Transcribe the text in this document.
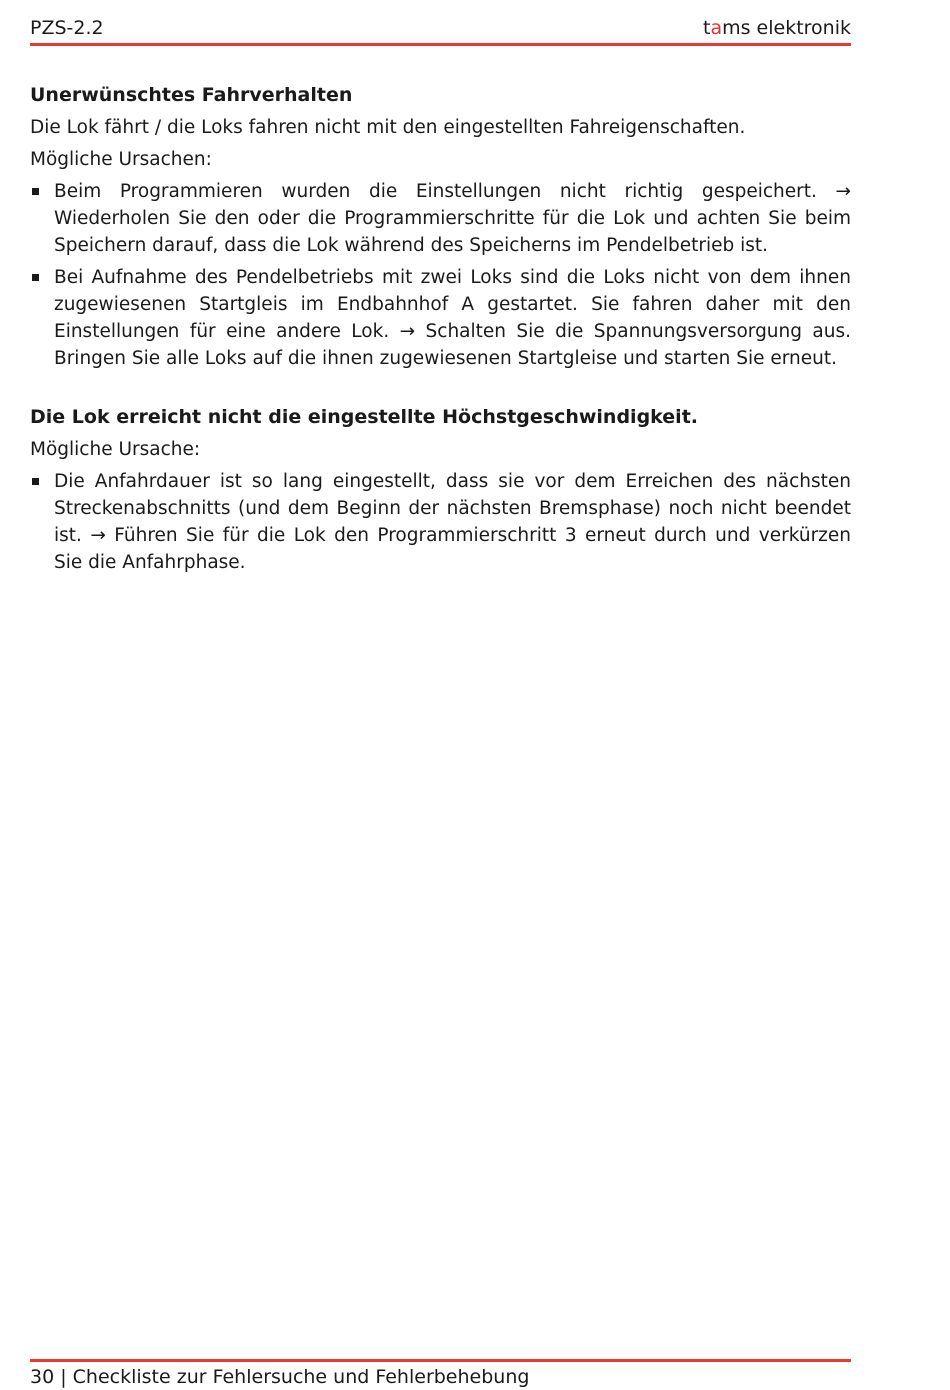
PZS-2.2	tams elektronik
Unerwünschtes Fahrverhalten

Die Lok fährt / die Loks fahren nicht mit den eingestellten Fahreigenschaften.

Mögliche Ursachen:

Beim Programmieren wurden die Einstellungen nicht richtig gespeichert. → Wiederholen Sie den oder die Programmierschritte für die Lok und achten Sie beim Speichern darauf, dass die Lok während des Speicherns im Pendelbetrieb ist.
Bei Aufnahme des Pendelbetriebs mit zwei Loks sind die Loks nicht von dem ihnen zugewiesenen Startgleis im Endbahnhof A gestartet. Sie fahren daher mit den Einstellungen für eine andere Lok. → Schalten Sie die Spannungsversorgung aus. Bringen Sie alle Loks auf die ihnen zugewiesenen Startgleise und starten Sie erneut.
Die Lok erreicht nicht die eingestellte Höchstgeschwindigkeit.

Mögliche Ursache:

Die Anfahrdauer ist so lang eingestellt, dass sie vor dem Erreichen des nächsten Streckenabschnitts (und dem Beginn der nächsten Bremsphase) noch nicht beendet ist. → Führen Sie für die Lok den Programmierschritt 3 erneut durch und verkürzen Sie die Anfahrphase.
30 | Checkliste zur Fehlersuche und Fehlerbehebung
